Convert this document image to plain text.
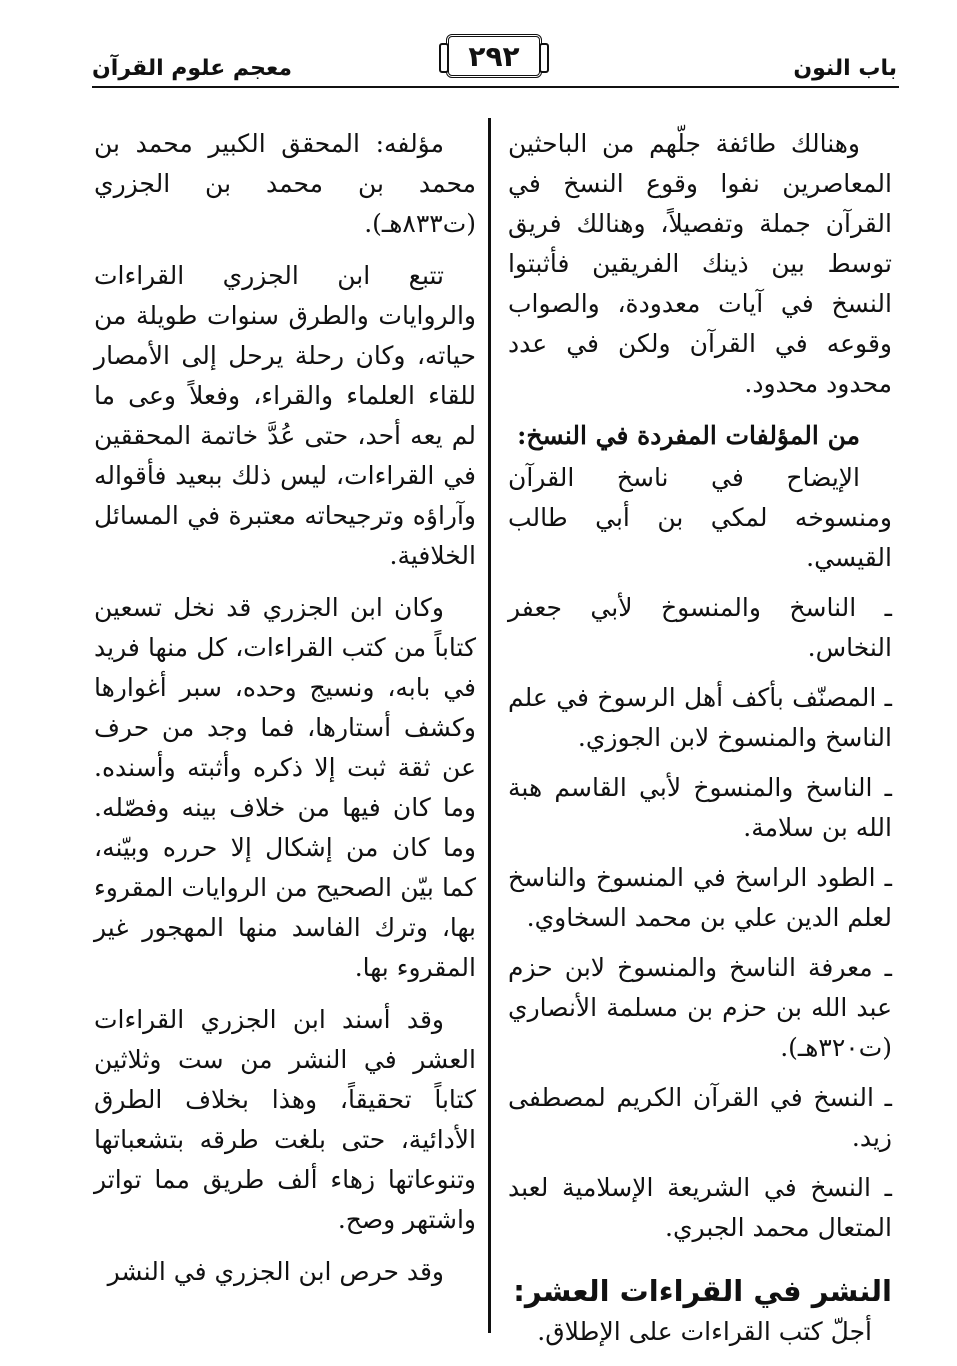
باب النون
٢٩٢
معجم علوم القرآن

وهنالك طائفة جلّهم من الباحثين المعاصرين نفوا وقوع النسخ في القرآن جملة وتفصيلاً، وهنالك فريق توسط بين ذينك الفريقين فأثبتوا النسخ في آيات معدودة، والصواب وقوعه في القرآن ولكن في عدد محدود محدود.

من المؤلفات المفردة في النسخ:

الإيضاح في ناسخ القرآن ومنسوخه لمكي بن أبي طالب القيسي.

ـ الناسخ والمنسوخ لأبي جعفر النخاس.

ـ المصنّف بأكف أهل الرسوخ في علم الناسخ والمنسوخ لابن الجوزي.

ـ الناسخ والمنسوخ لأبي القاسم هبة الله بن سلامة.

ـ الطود الراسخ في المنسوخ والناسخ لعلم الدين علي بن محمد السخاوي.

ـ معرفة الناسخ والمنسوخ لابن حزم عبد الله بن حزم بن مسلمة الأنصاري (ت٣٢٠هـ).

ـ النسخ في القرآن الكريم لمصطفى زيد.

ـ النسخ في الشريعة الإسلامية لعبد المتعال محمد الجبري.

النشر في القراءات العشر:

أجلّ كتب القراءات على الإطلاق.

مؤلفه: المحقق الكبير محمد بن محمد بن محمد بن الجزري (ت٨٣٣هـ).

تتبع ابن الجزري القراءات والروايات والطرق سنوات طويلة من حياته، وكان رحلة يرحل إلى الأمصار للقاء العلماء والقراء، وفعلاً وعى ما لم يعه أحد، حتى عُدَّ خاتمة المحققين في القراءات، ليس ذلك ببعيد فأقواله وآراؤه وترجيحاته معتبرة في المسائل الخلافية.

وكان ابن الجزري قد نخل تسعين كتاباً من كتب القراءات، كل منها فريد في بابه، ونسيج وحده، سبر أغوارها وكشف أستارها، فما وجد من حرف عن ثقة ثبت إلا ذكره وأثبته وأسنده. وما كان فيها من خلاف بينه وفصّله. وما كان من إشكال إلا حرره وبيّنه، كما بيّن الصحيح من الروايات المقروء بها، وترك الفاسد منها المهجور غير المقروء بها.

وقد أسند ابن الجزري القراءات العشر في النشر من ست وثلاثين كتاباً تحقيقاً، وهذا بخلاف الطرق الأدائية، حتى بلغت طرقه بتشعباتها وتنوعاتها زهاء ألف طريق مما تواتر واشتهر وصح.

وقد حرص ابن الجزري في النشر
